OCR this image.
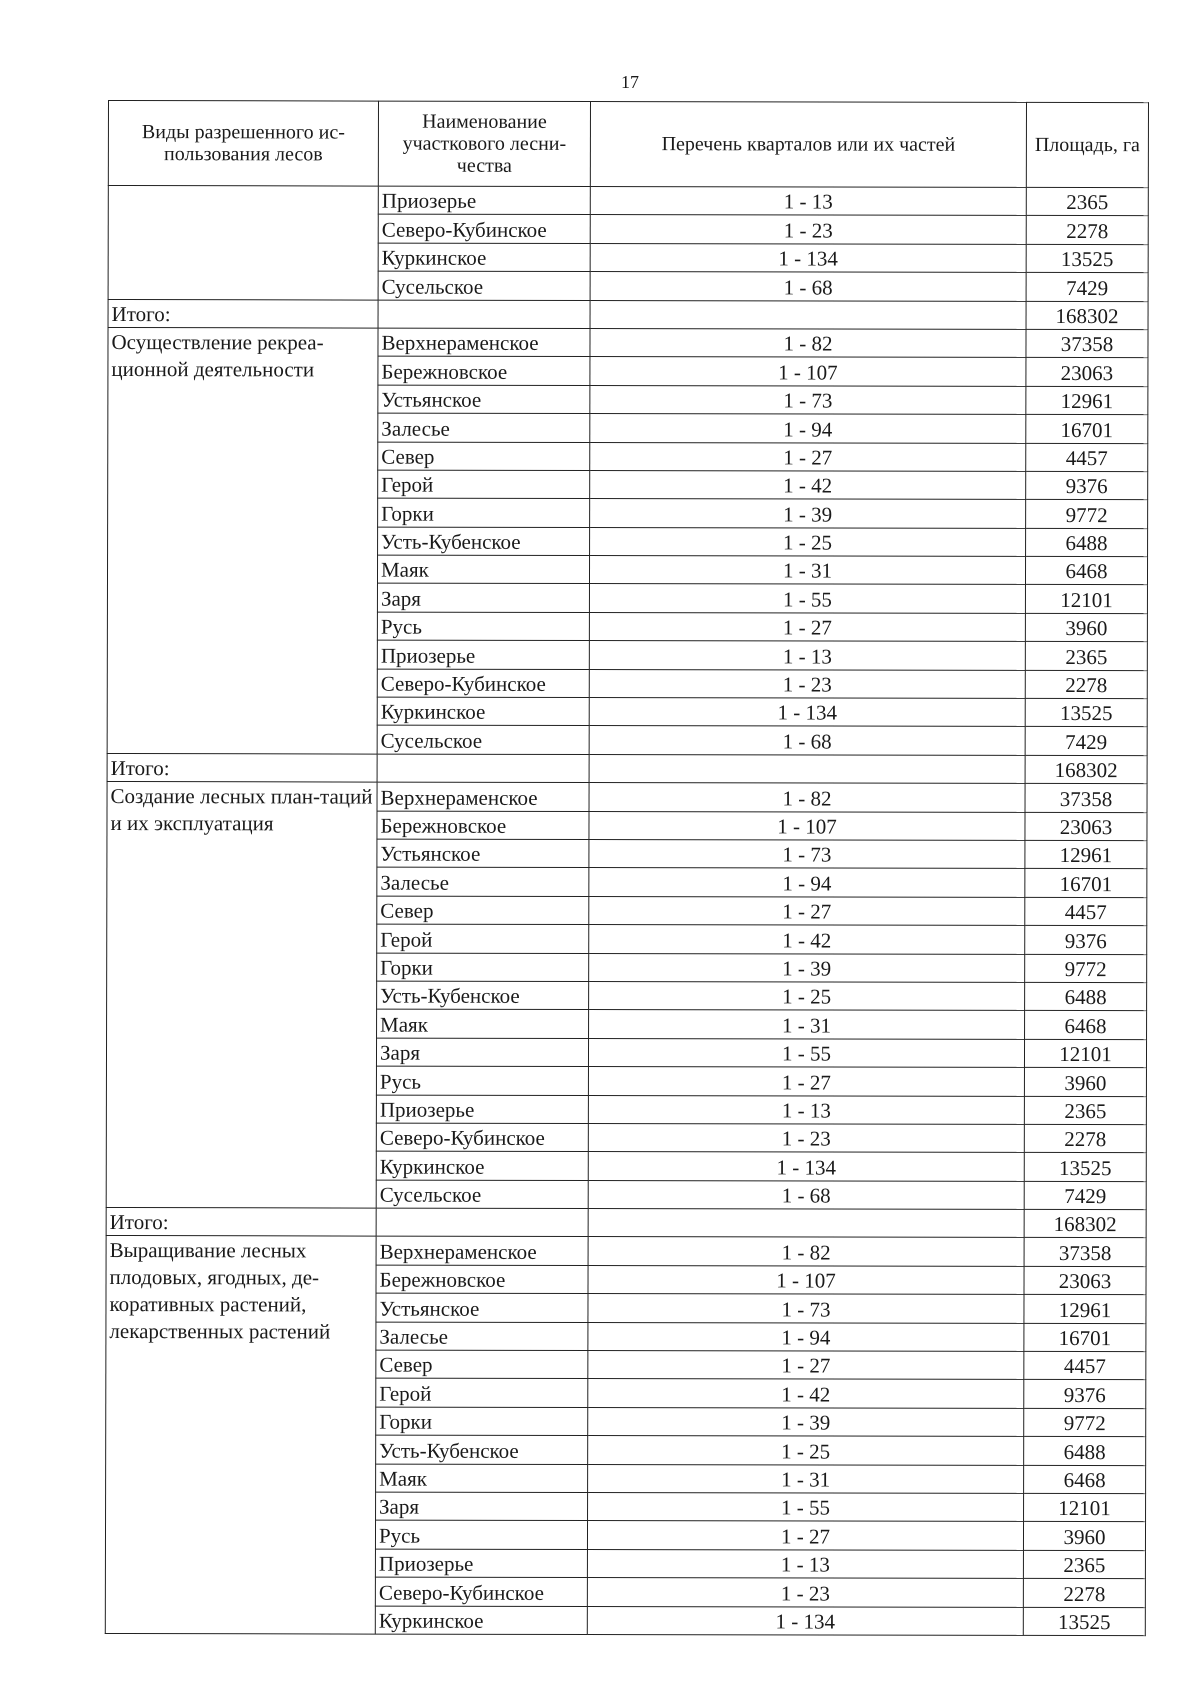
17
Виды разрешенного ис-пользования лесов	Наименование участкового лесни-чества	Перечень кварталов или их частей	Площадь, га
	Приозерье	1 - 13	2365
	Северо-Кубинское	1 - 23	2278
	Куркинское	1 - 134	13525
	Сусельское	1 - 68	7429
Итого:			168302
Осуществление рекреа-ционной деятельности	Верхнераменское	1 - 82	37358
	Бережновское	1 - 107	23063
	Устьянское	1 - 73	12961
	Залесье	1 - 94	16701
	Север	1 - 27	4457
	Герой	1 - 42	9376
	Горки	1 - 39	9772
	Усть-Кубенское	1 - 25	6488
	Маяк	1 - 31	6468
	Заря	1 - 55	12101
	Русь	1 - 27	3960
	Приозерье	1 - 13	2365
	Северо-Кубинское	1 - 23	2278
	Куркинское	1 - 134	13525
	Сусельское	1 - 68	7429
Итого:			168302
Создание лесных план-таций и их эксплуатация	Верхнераменское	1 - 82	37358
	Бережновское	1 - 107	23063
	Устьянское	1 - 73	12961
	Залесье	1 - 94	16701
	Север	1 - 27	4457
	Герой	1 - 42	9376
	Горки	1 - 39	9772
	Усть-Кубенское	1 - 25	6488
	Маяк	1 - 31	6468
	Заря	1 - 55	12101
	Русь	1 - 27	3960
	Приозерье	1 - 13	2365
	Северо-Кубинское	1 - 23	2278
	Куркинское	1 - 134	13525
	Сусельское	1 - 68	7429
Итого:			168302
Выращивание лесных плодовых, ягодных, де-коративных растений, лекарственных растений	Верхнераменское	1 - 82	37358
	Бережновское	1 - 107	23063
	Устьянское	1 - 73	12961
	Залесье	1 - 94	16701
	Север	1 - 27	4457
	Герой	1 - 42	9376
	Горки	1 - 39	9772
	Усть-Кубенское	1 - 25	6488
	Маяк	1 - 31	6468
	Заря	1 - 55	12101
	Русь	1 - 27	3960
	Приозерье	1 - 13	2365
	Северо-Кубинское	1 - 23	2278
	Куркинское	1 - 134	13525
